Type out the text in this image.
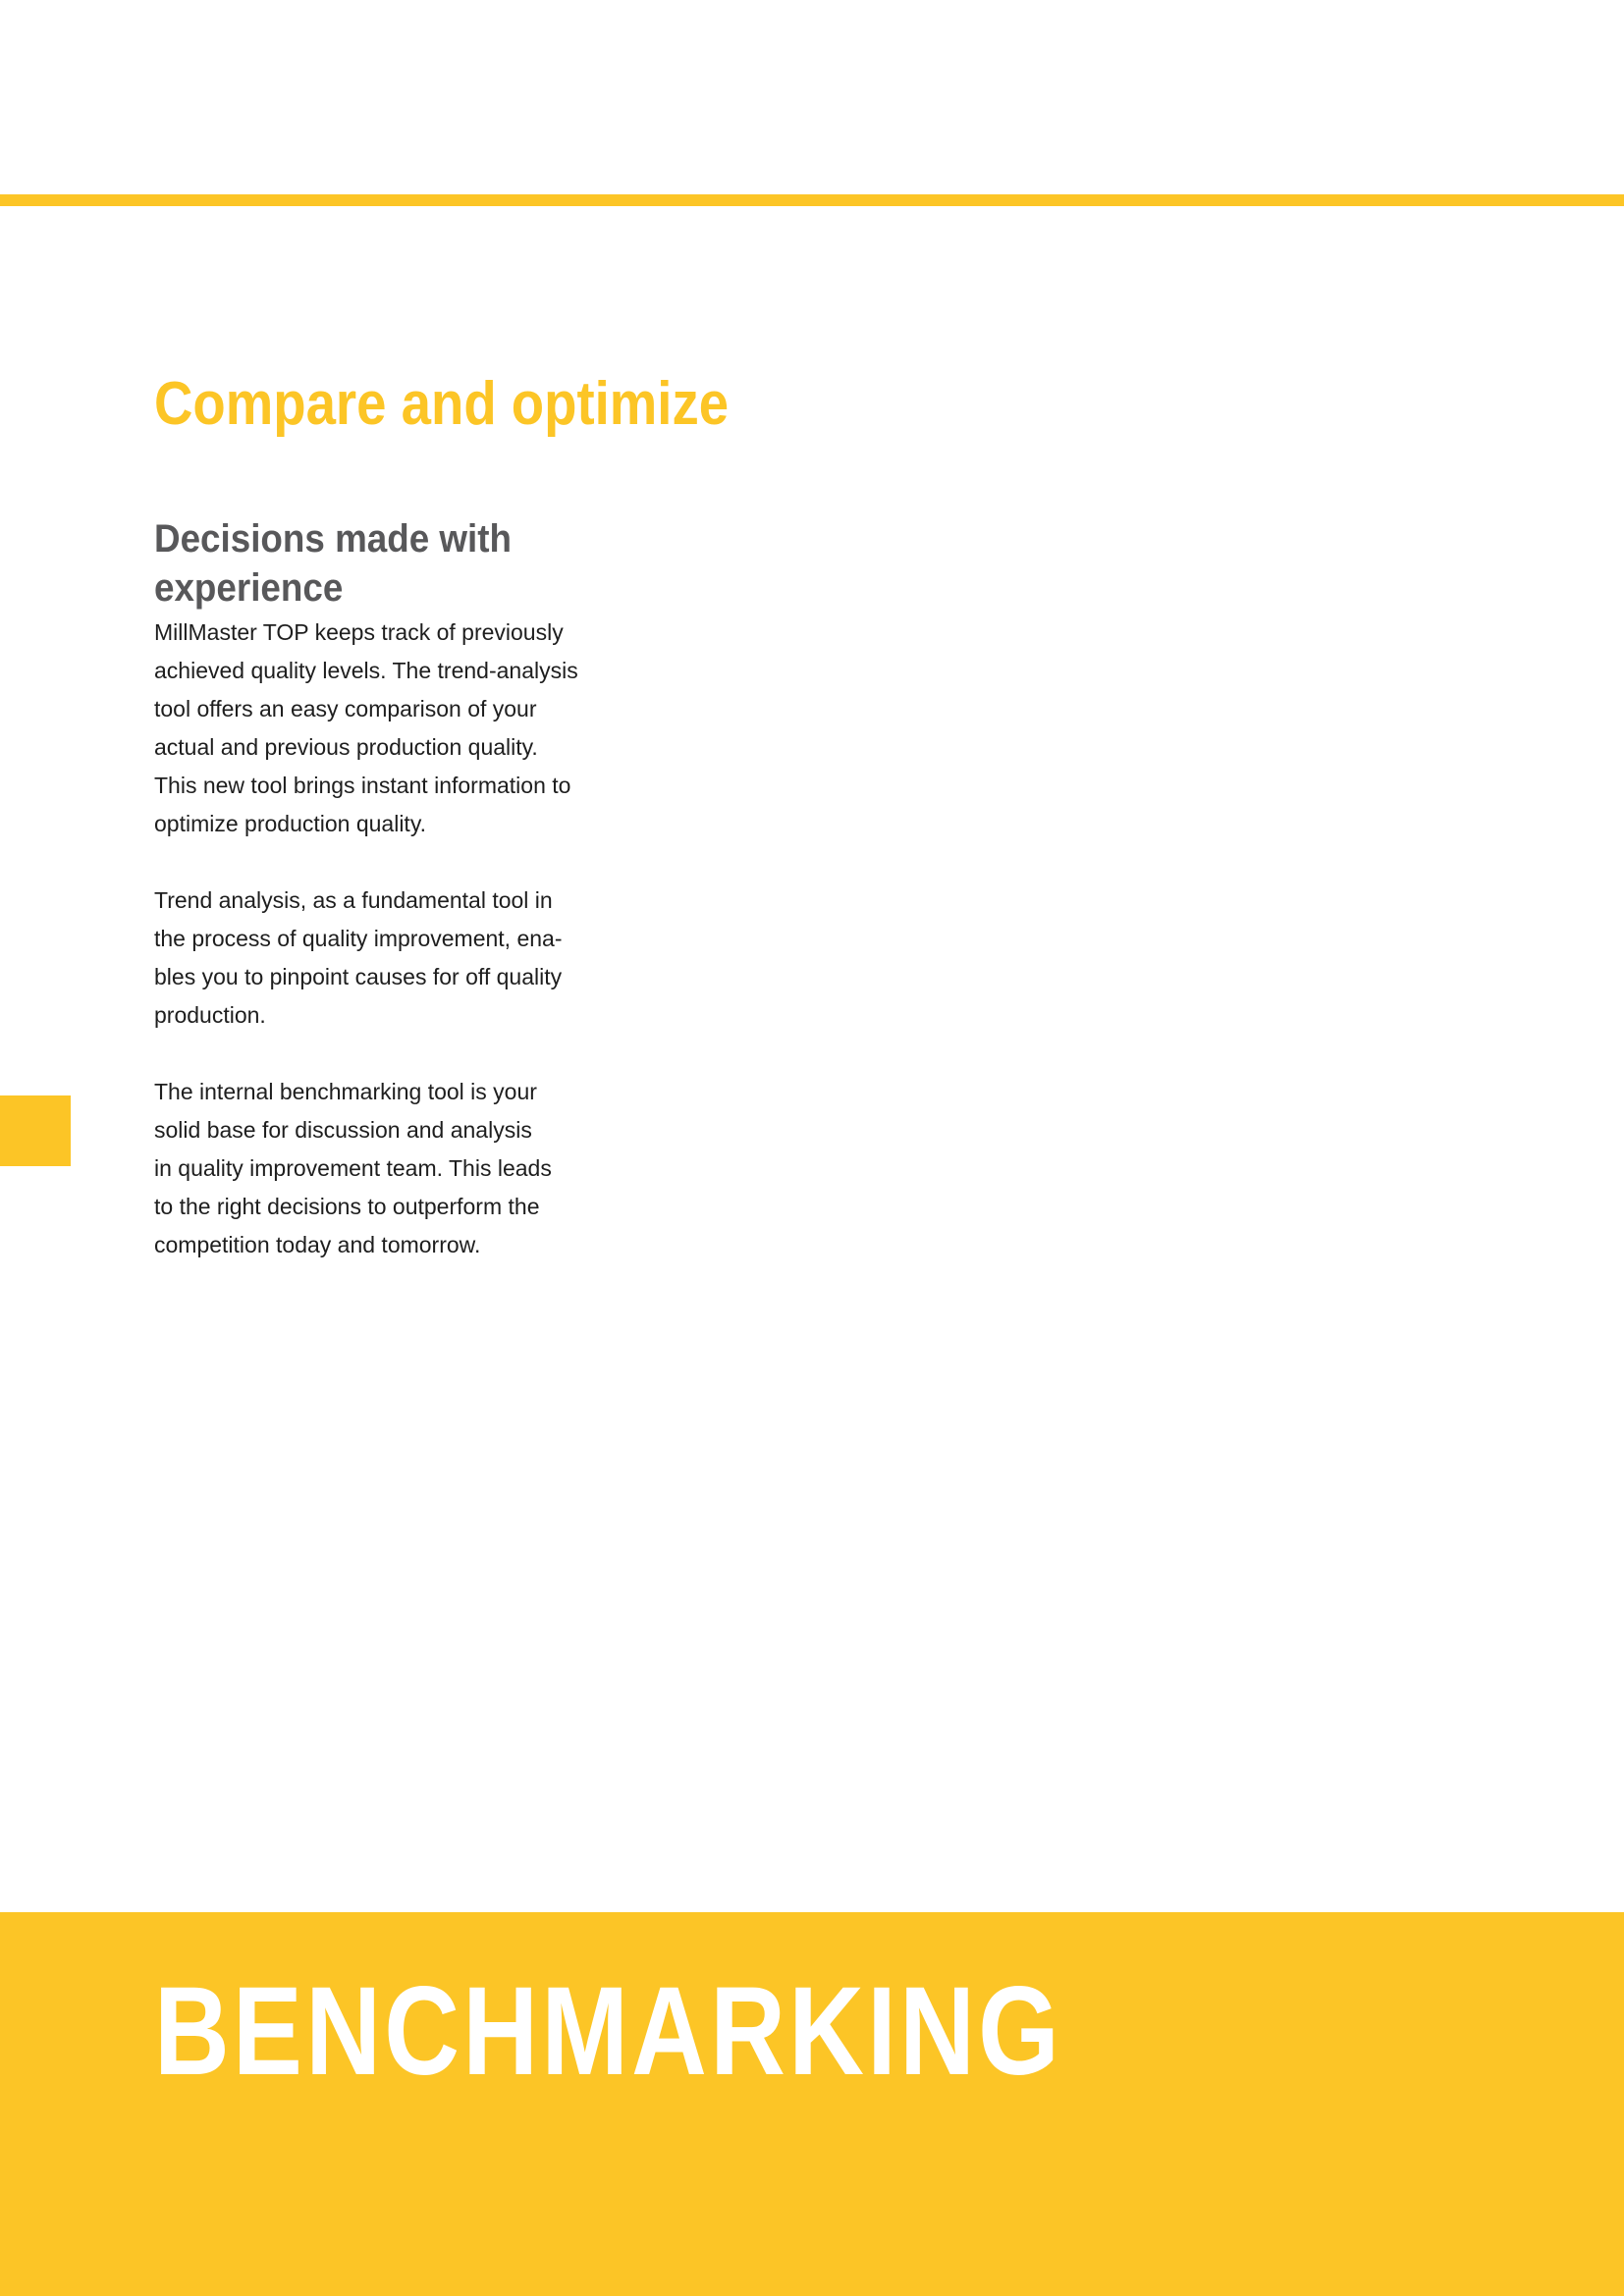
Compare and optimize
Decisions made with experience

MillMaster TOP keeps track of previously
achieved quality levels. The trend-analysis
tool offers an easy comparison of your
actual and previous production quality.
This new tool brings instant information to
optimize production quality.

Trend analysis, as a fundamental tool in
the process of quality improvement, ena-
bles you to pinpoint causes for off quality
production.

The internal benchmarking tool is your
solid base for discussion and analysis
in quality improvement team. This leads
to the right decisions to outperform the
competition today and tomorrow.

BENCHMARKING
